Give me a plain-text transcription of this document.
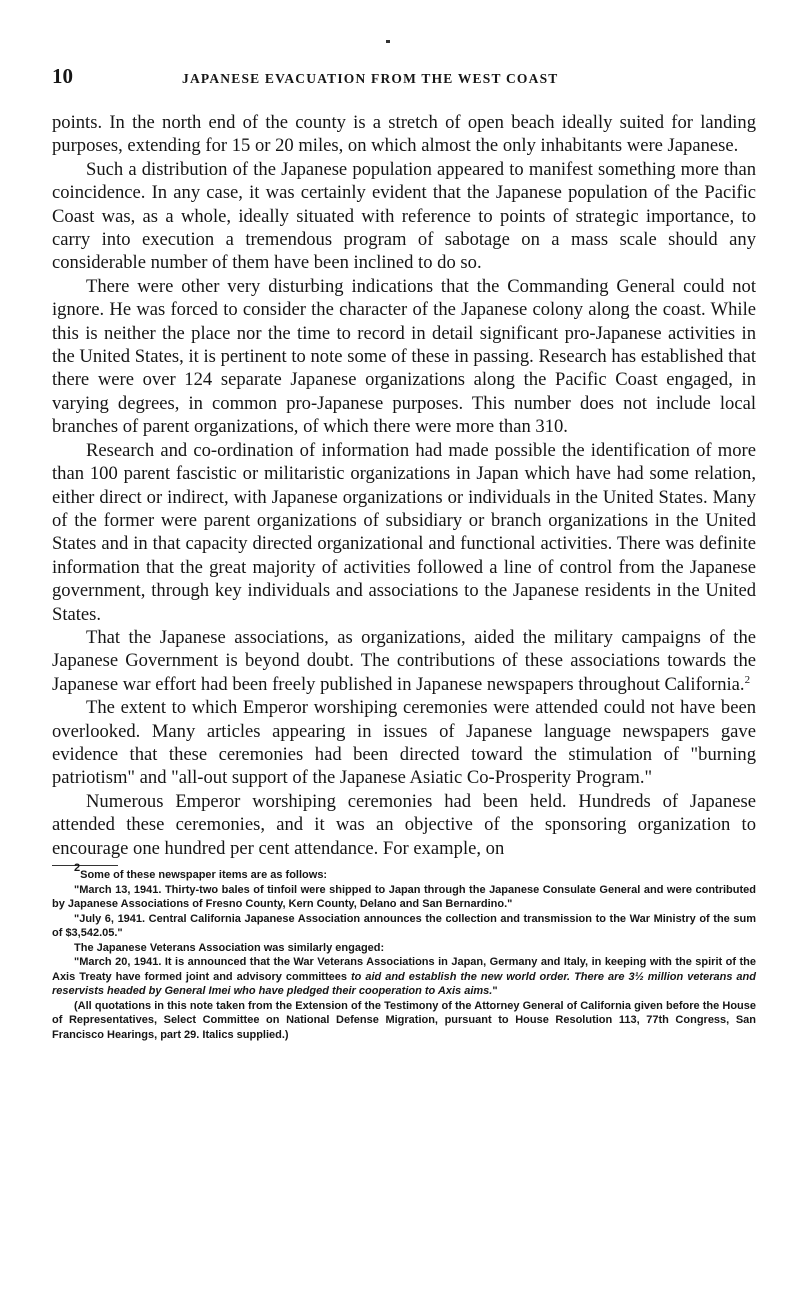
10	JAPANESE EVACUATION FROM THE WEST COAST

points. In the north end of the county is a stretch of open beach ideally suited for landing purposes, extending for 15 or 20 miles, on which almost the only inhabitants were Japanese.

Such a distribution of the Japanese population appeared to manifest something more than coincidence. In any case, it was certainly evident that the Japanese population of the Pacific Coast was, as a whole, ideally situated with reference to points of strategic importance, to carry into execution a tremendous program of sabotage on a mass scale should any considerable number of them have been inclined to do so.

There were other very disturbing indications that the Commanding General could not ignore. He was forced to consider the character of the Japanese colony along the coast. While this is neither the place nor the time to record in detail significant pro-Japanese activities in the United States, it is pertinent to note some of these in passing. Research has established that there were over 124 separate Japanese organizations along the Pacific Coast engaged, in varying degrees, in common pro-Japanese purposes. This number does not include local branches of parent organizations, of which there were more than 310.

Research and co-ordination of information had made possible the identification of more than 100 parent fascistic or militaristic organizations in Japan which have had some relation, either direct or indirect, with Japanese organizations or individuals in the United States. Many of the former were parent organizations of subsidiary or branch organizations in the United States and in that capacity directed organizational and functional activities. There was definite information that the great majority of activities followed a line of control from the Japanese government, through key individuals and associations to the Japanese residents in the United States.

That the Japanese associations, as organizations, aided the military campaigns of the Japanese Government is beyond doubt. The contributions of these associations towards the Japanese war effort had been freely published in Japanese newspapers throughout California.$^2$

The extent to which Emperor worshiping ceremonies were attended could not have been overlooked. Many articles appearing in issues of Japanese language newspapers gave evidence that these ceremonies had been directed toward the stimulation of "burning patriotism" and "all-out support of the Japanese Asiatic Co-Prosperity Program."

Numerous Emperor worshiping ceremonies had been held. Hundreds of Japanese attended these ceremonies, and it was an objective of the sponsoring organization to encourage one hundred per cent attendance. For example, on

$^2$Some of these newspaper items are as follows:

"March 13, 1941. Thirty-two bales of tinfoil were shipped to Japan through the Japanese Consulate General and were contributed by Japanese Associations of Fresno County, Kern County, Delano and San Bernardino."

"July 6, 1941. Central California Japanese Association announces the collection and transmission to the War Ministry of the sum of $3,542.05."

The Japanese Veterans Association was similarly engaged:

"March 20, 1941. It is announced that the War Veterans Associations in Japan, Germany and Italy, in keeping with the spirit of the Axis Treaty have formed joint and advisory committees to aid and establish the new world order. There are 3½ million veterans and reservists headed by General Imei who have pledged their cooperation to Axis aims."

(All quotations in this note taken from the Extension of the Testimony of the Attorney General of California given before the House of Representatives, Select Committee on National Defense Migration, pursuant to House Resolution 113, 77th Congress, San Francisco Hearings, part 29. Italics supplied.)
